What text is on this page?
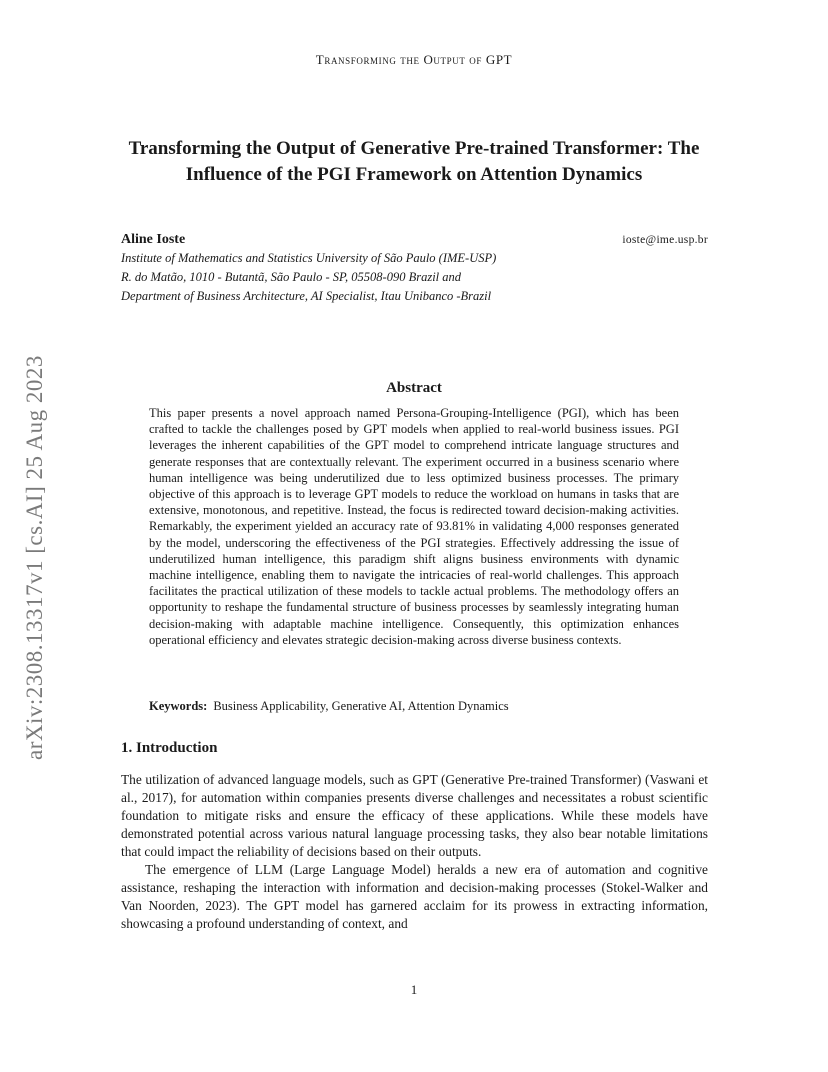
Transforming the Output of GPT
arXiv:2308.13317v1 [cs.AI] 25 Aug 2023
Transforming the Output of Generative Pre-trained Transformer: The Influence of the PGI Framework on Attention Dynamics
Aline Ioste	ioste@ime.usp.br
Institute of Mathematics and Statistics University of São Paulo (IME-USP)
R. do Matão, 1010 - Butantã, São Paulo - SP, 05508-090 Brazil and
Department of Business Architecture, AI Specialist, Itau Unibanco -Brazil
Abstract
This paper presents a novel approach named Persona-Grouping-Intelligence (PGI), which has been crafted to tackle the challenges posed by GPT models when applied to real-world business issues. PGI leverages the inherent capabilities of the GPT model to comprehend intricate language structures and generate responses that are contextually relevant. The experiment occurred in a business scenario where human intelligence was being underutilized due to less optimized business processes. The primary objective of this approach is to leverage GPT models to reduce the workload on humans in tasks that are extensive, monotonous, and repetitive. Instead, the focus is redirected toward decision-making activities. Remarkably, the experiment yielded an accuracy rate of 93.81% in validating 4,000 responses generated by the model, underscoring the effectiveness of the PGI strategies. Effectively addressing the issue of underutilized human intelligence, this paradigm shift aligns business environments with dynamic machine intelligence, enabling them to navigate the intricacies of real-world challenges. This approach facilitates the practical utilization of these models to tackle actual problems. The methodology offers an opportunity to reshape the fundamental structure of business processes by seamlessly integrating human decision-making with adaptable machine intelligence. Consequently, this optimization enhances operational efficiency and elevates strategic decision-making across diverse business contexts.
Keywords: Business Applicability, Generative AI, Attention Dynamics
1. Introduction

The utilization of advanced language models, such as GPT (Generative Pre-trained Transformer) (Vaswani et al., 2017), for automation within companies presents diverse challenges and necessitates a robust scientific foundation to mitigate risks and ensure the efficacy of these applications. While these models have demonstrated potential across various natural language processing tasks, they also bear notable limitations that could impact the reliability of decisions based on their outputs.

The emergence of LLM (Large Language Model) heralds a new era of automation and cognitive assistance, reshaping the interaction with information and decision-making processes (Stokel-Walker and Van Noorden, 2023). The GPT model has garnered acclaim for its prowess in extracting information, showcasing a profound understanding of context, and

1
